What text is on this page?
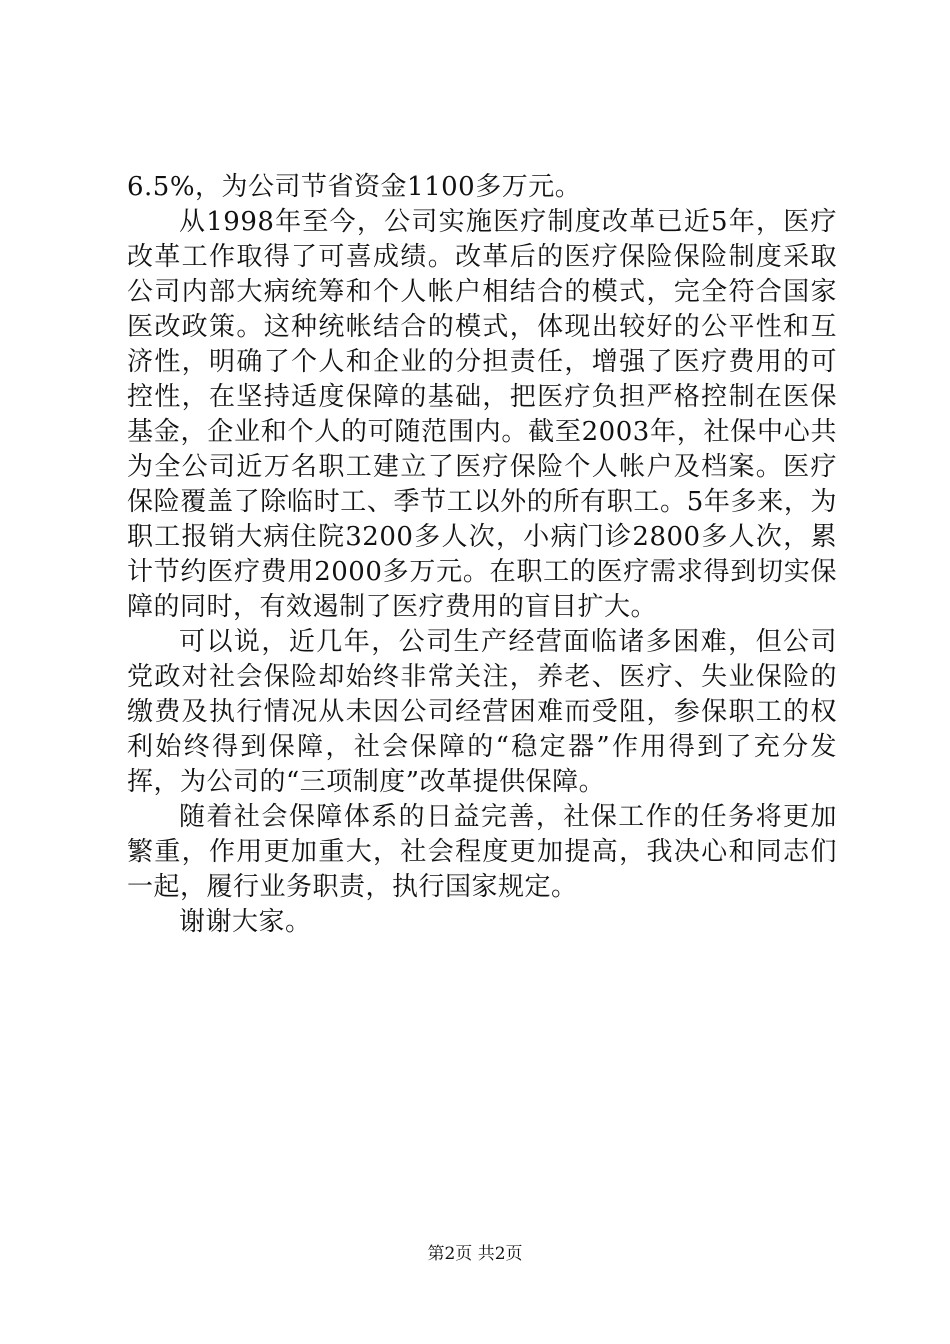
6.5%，为公司节省资金1100多万元。

从1998年至今，公司实施医疗制度改革已近5年，医疗改革工作取得了可喜成绩。改革后的医疗保险保险制度采取公司内部大病统筹和个人帐户相结合的模式，完全符合国家医改政策。这种统帐结合的模式，体现出较好的公平性和互济性，明确了个人和企业的分担责任，增强了医疗费用的可控性，在坚持适度保障的基础，把医疗负担严格控制在医保基金，企业和个人的可随范围内。截至2003年，社保中心共为全公司近万名职工建立了医疗保险个人帐户及档案。医疗保险覆盖了除临时工、季节工以外的所有职工。5年多来，为职工报销大病住院3200多人次，小病门诊2800多人次，累计节约医疗费用2000多万元。在职工的医疗需求得到切实保障的同时，有效遏制了医疗费用的盲目扩大。

可以说，近几年，公司生产经营面临诸多困难，但公司党政对社会保险却始终非常关注，养老、医疗、失业保险的缴费及执行情况从未因公司经营困难而受阻，参保职工的权利始终得到保障，社会保障的“稳定器”作用得到了充分发挥，为公司的“三项制度”改革提供保障。

随着社会保障体系的日益完善，社保工作的任务将更加繁重，作用更加重大，社会程度更加提高，我决心和同志们一起，履行业务职责，执行国家规定。

谢谢大家。

第2页 共2页
